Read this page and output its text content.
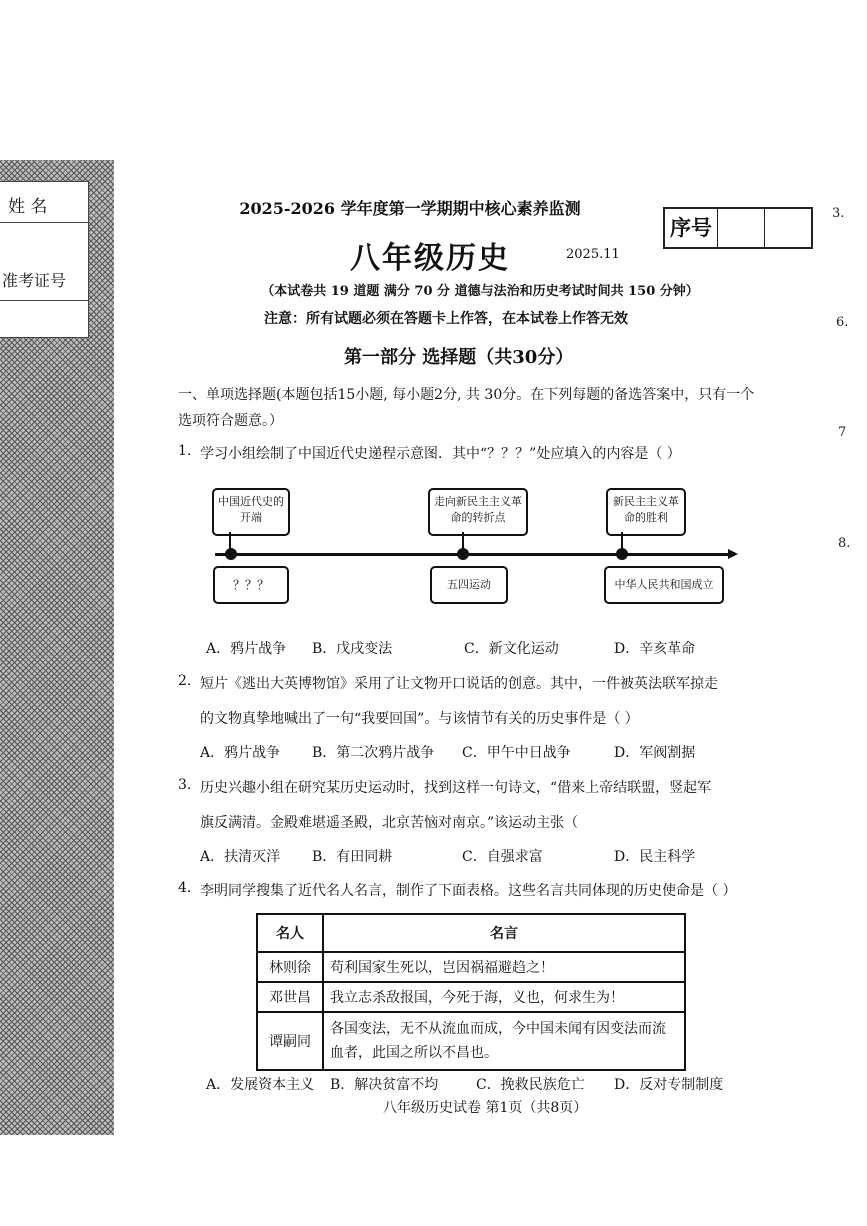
姓 名
准考证号
2025-2026 学年度第一学期期中核心素养监测
序号
八年级历史	2025.11
（本试卷共 19 道题 满分 70 分 道德与法治和历史考试时间共 150 分钟）
注意：所有试题必须在答题卡上作答，在本试卷上作答无效
第一部分 选择题（共30分）
一、单项选择题(本题包括15小题, 每小题2分, 共 30分。在下列每题的备选答案中，只有一个选项符合题意。）
1. 学习小组绘制了中国近代史递程示意图．其中“？？？”处应填入的内容是（ ）
中国近代史的开端
走向新民主主义革命的转折点
新民主主义革命的胜利
？？？	五四运动	中华人民共和国成立
A．鸦片战争 B．戊戌变法	C．新文化运动	D．辛亥革命
2. 短片《逃出大英博物馆》采用了让文物开口说话的创意。其中，一件被英法联军掠走
的文物真挚地喊出了一句“我要回国”。与该情节有关的历史事件是（ ）
A．鸦片战争 B．第二次鸦片战争 C．甲午中日战争	D．军阀割据
3. 历史兴趣小组在研究某历史运动时，找到这样一句诗文，“借来上帝结联盟，竖起军
旗反满清。金殿难堪遥圣殿，北京苦恼对南京。”该运动主张（
A．扶清灭洋 B．有田同耕	C．自强求富	D．民主科学
4. 李明同学搜集了近代名人名言，制作了下面表格。这些名言共同体现的历史使命是（ ）
名人	名言
林则徐	苟利国家生死以，岂因祸福避趋之！
邓世昌	我立志杀敌报国，今死于海，义也，何求生为！
谭嗣同	各国变法，无不从流血而成，今中国未闻有因变法而流血者，此国之所以不昌也。
A．发展资本主义 B．解决贫富不均	C．挽救民族危亡 D．反对专制制度
3.
6.
7
8.
八年级历史试卷 第1页（共8页）
